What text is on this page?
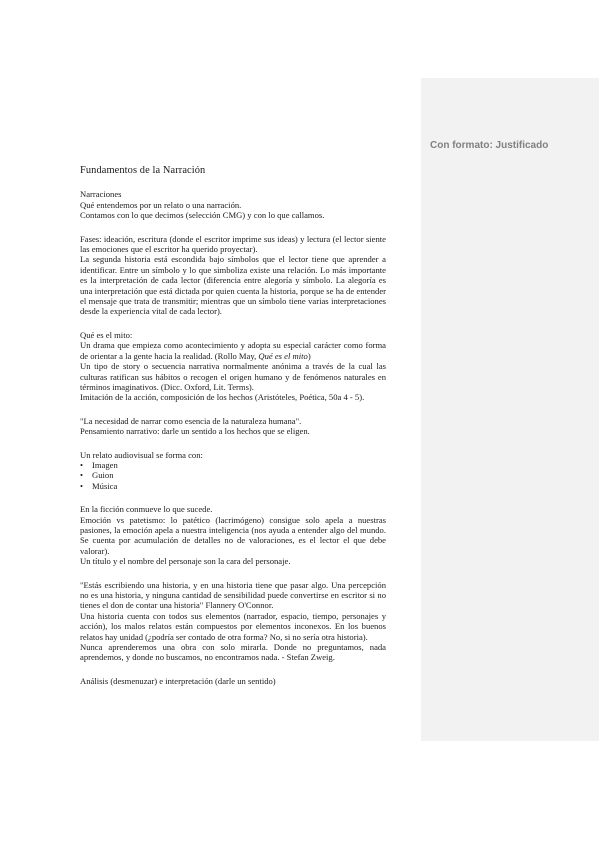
Fundamentos de la Narración

Narraciones

Qué entendemos por un relato o una narración.

Contamos con lo que decimos (selección CMG) y con lo que callamos.

Fases: ideación, escritura (donde el escritor imprime sus ideas) y lectura (el lector siente las emociones que el escritor ha querido proyectar).

La segunda historia está escondida bajo símbolos que el lector tiene que aprender a identificar. Entre un símbolo y lo que simboliza existe una relación. Lo más importante es la interpretación de cada lector (diferencia entre alegoría y símbolo. La alegoría es una interpretación que está dictada por quien cuenta la historia, porque se ha de entender el mensaje que trata de transmitir; mientras que un símbolo tiene varias interpretaciones desde la experiencia vital de cada lector).

Qué es el mito:

Un drama que empieza como acontecimiento y adopta su especial carácter como forma de orientar a la gente hacia la realidad. (Rollo May, Qué es el mito)

Un tipo de story o secuencia narrativa normalmente anónima a través de la cual las culturas ratifican sus hábitos o recogen el origen humano y de fenómenos naturales en términos imaginativos. (Dicc. Oxford, Lit. Terms).

Imitación de la acción, composición de los hechos (Aristóteles, Poética, 50a 4 - 5).

"La necesidad de narrar como esencia de la naturaleza humana".

Pensamiento narrativo: darle un sentido a los hechos que se eligen.

Un relato audiovisual se forma con:

• Imagen
• Guion
• Música

En la ficción conmueve lo que sucede.

Emoción vs patetismo: lo patético (lacrimógeno) consigue solo apela a nuestras pasiones, la emoción apela a nuestra inteligencia (nos ayuda a entender algo del mundo. Se cuenta por acumulación de detalles no de valoraciones, es el lector el que debe valorar).

Un título y el nombre del personaje son la cara del personaje.

"Estás escribiendo una historia, y en una historia tiene que pasar algo. Una percepción no es una historia, y ninguna cantidad de sensibilidad puede convertirse en escritor si no tienes el don de contar una historia" Flannery O'Connor.

Una historia cuenta con todos sus elementos (narrador, espacio, tiempo, personajes y acción), los malos relatos están compuestos por elementos inconexos. En los buenos relatos hay unidad (¿podría ser contado de otra forma? No, si no sería otra historia).

Nunca aprenderemos una obra con solo mirarla. Donde no preguntamos, nada aprendemos, y donde no buscamos, no encontramos nada. - Stefan Zweig.

Análisis (desmenuzar) e interpretación (darle un sentido)

Con formato: Justificado
